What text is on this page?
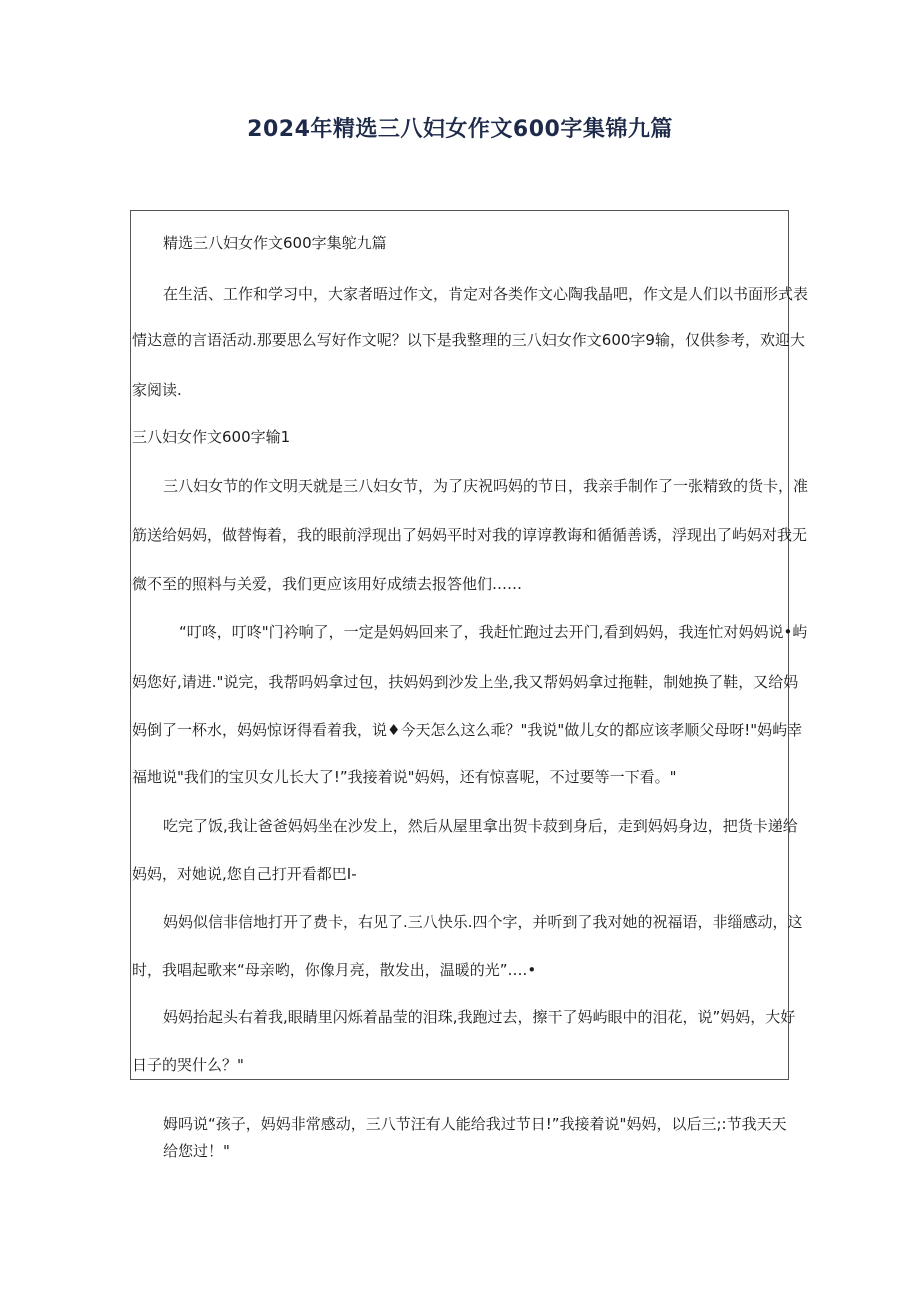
2024年精选三八妇女作文600字集锦九篇

精选三八妇女作文600字集鸵九篇

在生活、工作和学习中，大家者晤过作文，肯定对各类作文心陶我晶吧，作文是人们以书面形式表

情达意的言语活动.那要思么写好作文呢？以下是我整理的三八妇女作文600字9输，仅供参考，欢迎大

家阅读.

三八妇女作文600字输1

三八妇女节的作文明天就是三八妇女节，为了庆祝吗妈的节日，我亲手制作了一张精致的货卡，准

筋送给妈妈，做替悔着，我的眼前浮现出了妈妈平时对我的谆谆教诲和循循善诱，浮现出了屿妈对我无

微不至的照料与关爱，我们更应该用好成绩去报答他们……

“叮咚，叮咚"门衿响了，一定是妈妈回来了，我赶忙跑过去开门,看到妈妈，我连忙对妈妈说•屿

妈您好,请进."说完，我帮吗妈拿过包，扶妈妈到沙发上坐,我又帮妈妈拿过拖鞋，制她换了鞋，又给妈

妈倒了一杯水，妈妈惊讶得看着我，说♦今天怎么这么乖？"我说"做儿女的都应该孝顺父母呀!"妈屿幸

福地说"我们的宝贝女儿长大了!”我接着说"妈妈，还有惊喜呢，不过要等一下看。"

吃完了饭,我让爸爸妈妈坐在沙发上，然后从屋里拿出贺卡菽到身后，走到妈妈身边，把货卡递给

妈妈，对她说,您自己打开看都巴I-

妈妈似信非信地打开了费卡，右见了.三八快乐.四个字，并听到了我对她的祝福语，非缁感动，这

时，我唱起歌来“母亲哟，你像月亮，散发出，温暖的光”….•

妈妈抬起头右着我,眼睛里闪烁着晶莹的泪珠,我跑过去，擦干了妈屿眼中的泪花，说”妈妈，大好

日子的哭什么？"

姆吗说“孩子，妈妈非常感动，三八节汪有人能给我过节日!”我接着说"妈妈，以后三;:节我天天

给您过！"
